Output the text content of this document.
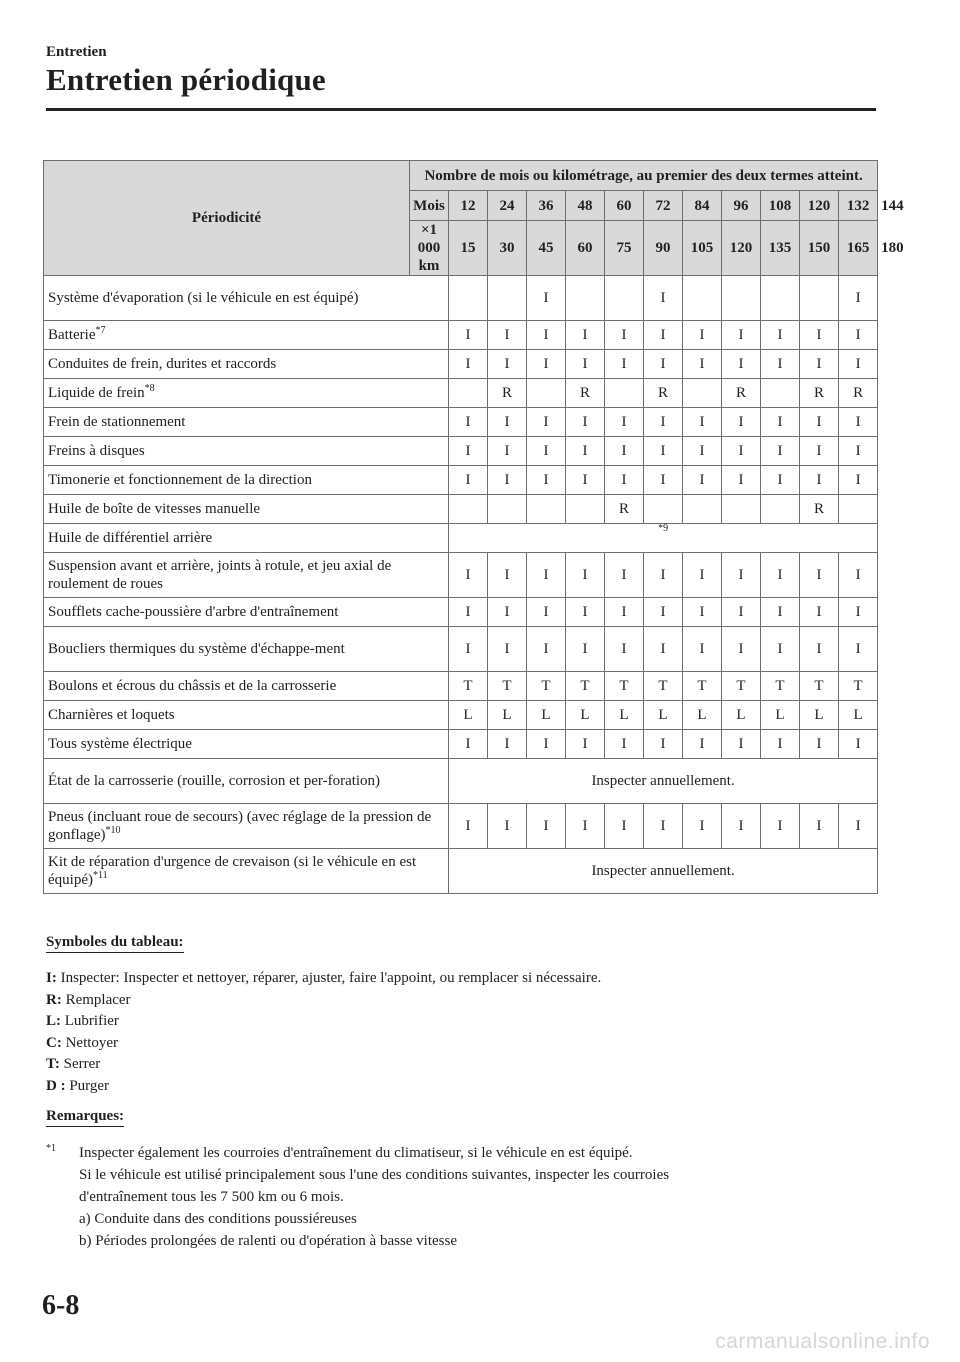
Entretien
Entretien périodique
Périodicité	Nombre de mois ou kilométrage, au premier des deux termes atteint.												
	Mois	12	24	36	48	60	72	84	96	108	120	132	144
	×1 000 km	15	30	45	60	75	90	105	120	135	150	165	180
Système d'évaporation (si le véhicule en est équipé)				I			I					I	
Batterie$^{*7}$		I	I	I	I	I	I	I	I	I	I	I	
Conduites de frein, durites et raccords		I	I	I	I	I	I	I	I	I	I	I	
Liquide de frein$^{*8}$			R		R		R		R		R	R	
Frein de stationnement		I	I	I	I	I	I	I	I	I	I	I	
Freins à disques		I	I	I	I	I	I	I	I	I	I	I	
Timonerie et fonctionnement de la direction		I	I	I	I	I	I	I	I	I	I	I	
Huile de boîte de vitesses manuelle						R					R		
Huile de différentiel arrière		$^{*9}$
Suspension avant et arrière, joints à rotule, et jeu axial de roulement de roues		I	I	I	I	I	I	I	I	I	I	I	
Soufflets cache-poussière d'arbre d'entraînement		I	I	I	I	I	I	I	I	I	I	I	
Boucliers thermiques du système d'échappe-ment		I	I	I	I	I	I	I	I	I	I	I	
Boulons et écrous du châssis et de la carrosserie		T	T	T	T	T	T	T	T	T	T	T	
Charnières et loquets		L	L	L	L	L	L	L	L	L	L	L	
Tous système électrique		I	I	I	I	I	I	I	I	I	I	I	
État de la carrosserie (rouille, corrosion et per-foration)		Inspecter annuellement.											
Pneus (incluant roue de secours) (avec réglage de la pression de gonflage)$^{*10}$		I	I	I	I	I	I	I	I	I	I	I	
Kit de réparation d'urgence de crevaison (si le véhicule en est équipé)$^{*11}$		Inspecter annuellement.											
Symboles du tableau:
I: Inspecter: Inspecter et nettoyer, réparer, ajuster, faire l'appoint, ou remplacer si nécessaire.
R: Remplacer
L: Lubrifier
C: Nettoyer
T: Serrer
D : Purger
Remarques:
$^{*1}$ Inspecter également les courroies d'entraînement du climatiseur, si le véhicule en est équipé.
Si le véhicule est utilisé principalement sous l'une des conditions suivantes, inspecter les courroies
d'entraînement tous les 7 500 km ou 6 mois.
a) Conduite dans des conditions poussiéreuses
b) Périodes prolongées de ralenti ou d'opération à basse vitesse
6-8
carmanualsonline.info
